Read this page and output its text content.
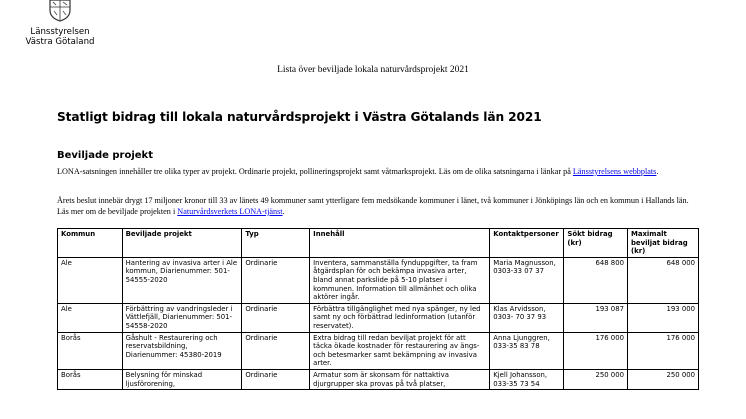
Länsstyrelsen
Västra Götaland
Lista över beviljade lokala naturvårdsprojekt 2021
Statligt bidrag till lokala naturvårdsprojekt i Västra Götalands län 2021
Beviljade projekt
LONA-satsningen innehåller tre olika typer av projekt. Ordinarie projekt, pollineringsprojekt samt våtmarksprojekt. Läs om de olika satsningarna i länkar på Länsstyrelsens webbplats.
Årets beslut innebär drygt 17 miljoner kronor till 33 av länets 49 kommuner samt ytterligare fem medsökande kommuner i länet, två kommuner i Jönköpings län och en kommun i Hallands län. Läs mer om de beviljade projekten i Naturvårdsverkets LONA-tjänst.
Kommun	Beviljade projekt	Typ	Innehåll	Kontaktpersoner	Sökt bidrag (kr)	Maximalt beviljat bidrag (kr)
Ale	Hantering av invasiva arter i Ale kommun, Diarienummer: 501-54555-2020	Ordinarie	Inventera, sammanställa fynduppgifter, ta fram åtgärdsplan för och bekämpa invasiva arter, bland annat parkslide på 5-10 platser i kommunen. Information till allmänhet och olika aktörer ingår.	Maria Magnusson, 0303-33 07 37	648 800	648 000
Ale	Förbättring av vandringsleder i Vättlefjäll, Diarienummer: 501-54558-2020	Ordinarie	Förbättra tillgänglighet med nya spänger, ny led samt ny och förbättrad ledinformation (utanför reservatet).	Klas Arvidsson, 0303- 70 37 93	193 087	193 000
Borås	Gåshult - Restaurering och reservatsbildning, Diarienummer: 45380-2019	Ordinarie	Extra bidrag till redan beviljat projekt för att täcka ökade kostnader för restaurering av ängs- och betesmarker samt bekämpning av invasiva arter.	Anna Ljunggren, 033-35 83 78	176 000	176 000
Borås	Belysning för minskad ljusförorening,	Ordinarie	Armatur som är skonsam för nattaktiva djurgrupper ska provas på två platser,	Kjell Johansson, 033-35 73 54	250 000	250 000
